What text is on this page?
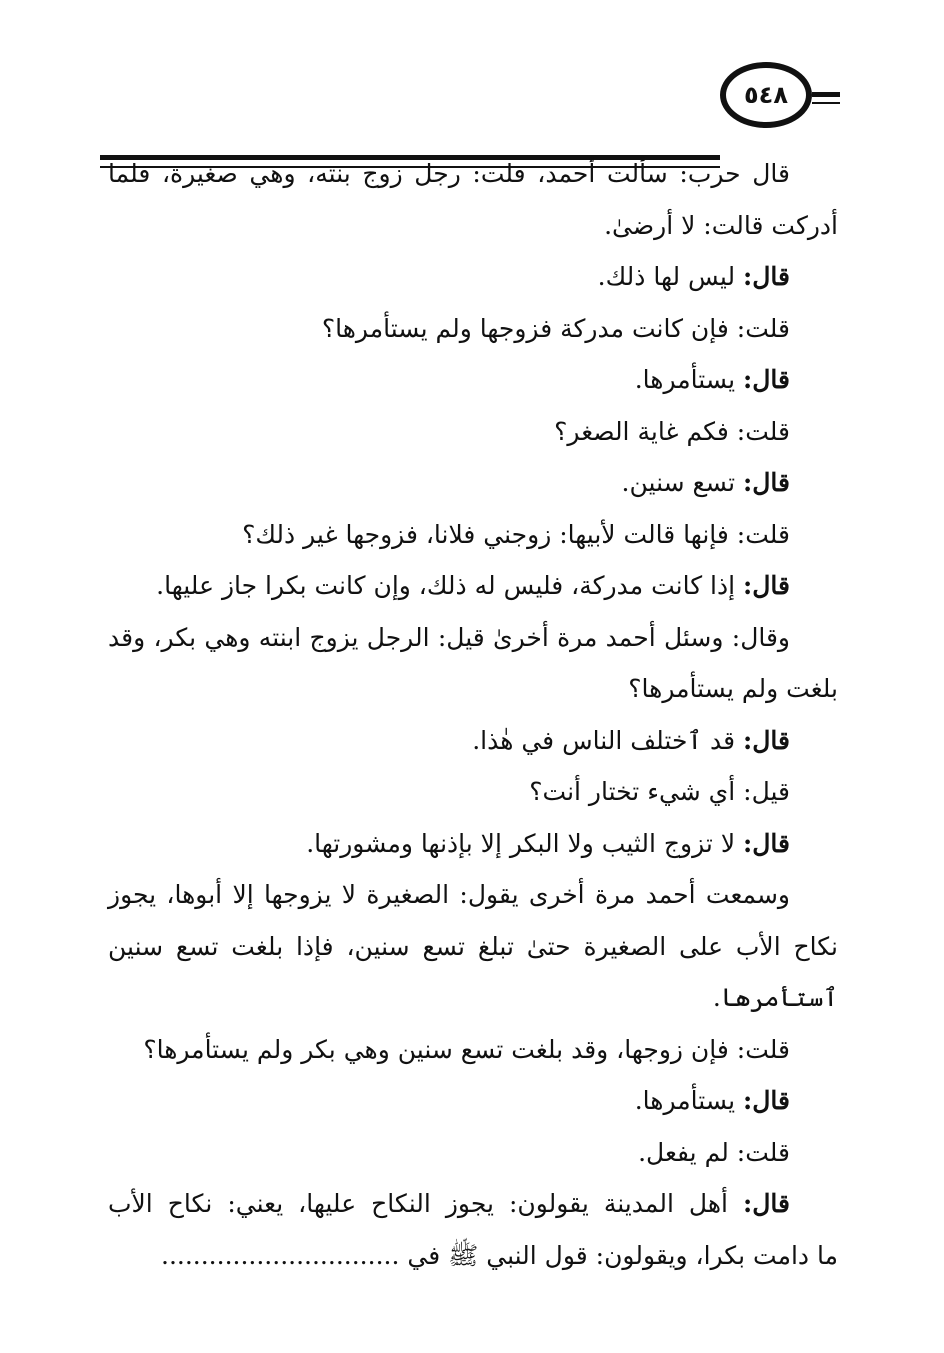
٥٤٨
قال حرب: سألت أحمد، قلت: رجل زوج بنته، وهي صغيرة، فلما
أدركت قالت: لا أرضىٰ.
قال: ليس لها ذلك.
قلت: فإن كانت مدركة فزوجها ولم يستأمرها؟
قال: يستأمرها.
قلت: فكم غاية الصغر؟
قال: تسع سنين.
قلت: فإنها قالت لأبيها: زوجني فلانا، فزوجها غير ذلك؟
قال: إذا كانت مدركة، فليس له ذلك، وإن كانت بكرا جاز عليها.
وقال: وسئل أحمد مرة أخرىٰ قيل: الرجل يزوج ابنته وهي بكر، وقد
بلغت ولم يستأمرها؟
قال: قد ٱختلف الناس في هٰذا.
قيل: أي شيء تختار أنت؟
قال: لا تزوج الثيب ولا البكر إلا بإذنها ومشورتها.
وسمعت أحمد مرة أخرى يقول: الصغيرة لا يزوجها إلا أبوها، يجوز
نكاح الأب على الصغيرة حتىٰ تبلغ تسع سنين، فإذا بلغت تسع سنين
ٱستأمرها.
قلت: فإن زوجها، وقد بلغت تسع سنين وهي بكر ولم يستأمرها؟
قال: يستأمرها.
قلت: لم يفعل.
قال: أهل المدينة يقولون: يجوز النكاح عليها، يعني: نكاح الأب
ما دامت بكرا، ويقولون: قول النبي ﷺ في ..............................
